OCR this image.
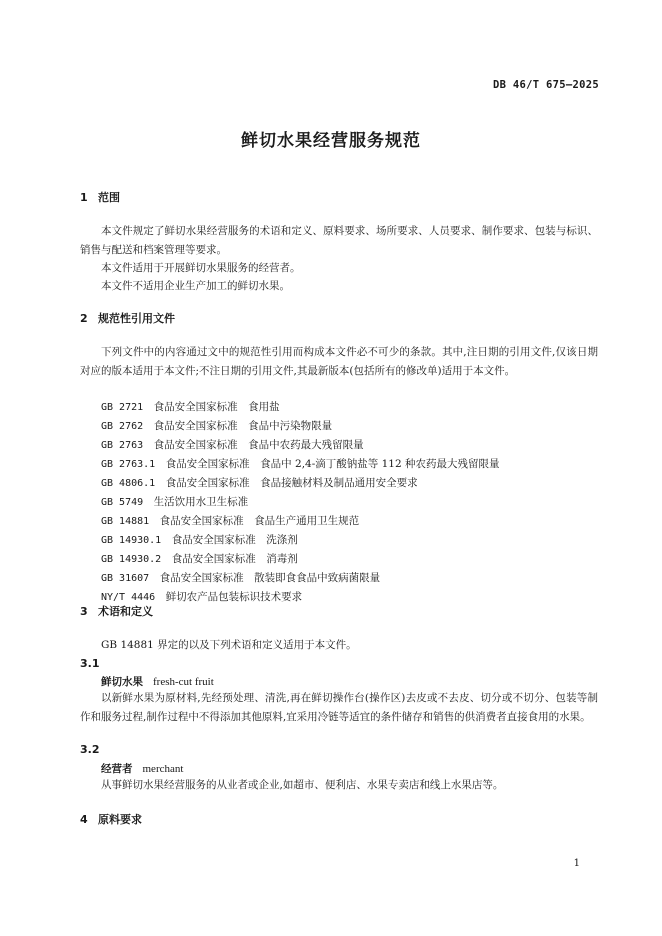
DB 46/T 675—2025
鲜切水果经营服务规范
1 范围
本文件规定了鲜切水果经营服务的术语和定义、原料要求、场所要求、人员要求、制作要求、包装与标识、销售与配送和档案管理等要求。
本文件适用于开展鲜切水果服务的经营者。
本文件不适用企业生产加工的鲜切水果。
2 规范性引用文件
下列文件中的内容通过文中的规范性引用而构成本文件必不可少的条款。其中,注日期的引用文件,仅该日期对应的版本适用于本文件;不注日期的引用文件,其最新版本(包括所有的修改单)适用于本文件。
GB 2721　 食品安全国家标准　食用盐
GB 2762　 食品安全国家标准　食品中污染物限量
GB 2763　 食品安全国家标准　食品中农药最大残留限量
GB 2763.1　 食品安全国家标准　食品中 2,4-滴丁酸钠盐等 112 种农药最大残留限量
GB 4806.1　 食品安全国家标准　食品接触材料及制品通用安全要求
GB 5749　 生活饮用水卫生标准
GB 14881　 食品安全国家标准　食品生产通用卫生规范
GB 14930.1　 食品安全国家标准　洗涤剂
GB 14930.2　 食品安全国家标准　消毒剂
GB 31607　 食品安全国家标准　散装即食食品中致病菌限量
NY/T 4446　 鲜切农产品包装标识技术要求
3 术语和定义
GB 14881 界定的以及下列术语和定义适用于本文件。
3.1
鲜切水果 fresh-cut fruit
以新鲜水果为原材料,先经预处理、清洗,再在鲜切操作台(操作区)去皮或不去皮、切分或不切分、包装等制作和服务过程,制作过程中不得添加其他原料,宜采用冷链等适宜的条件储存和销售的供消费者直接食用的水果。
3.2
经营者 merchant
从事鲜切水果经营服务的从业者或企业,如超市、便利店、水果专卖店和线上水果店等。
4 原料要求
1
